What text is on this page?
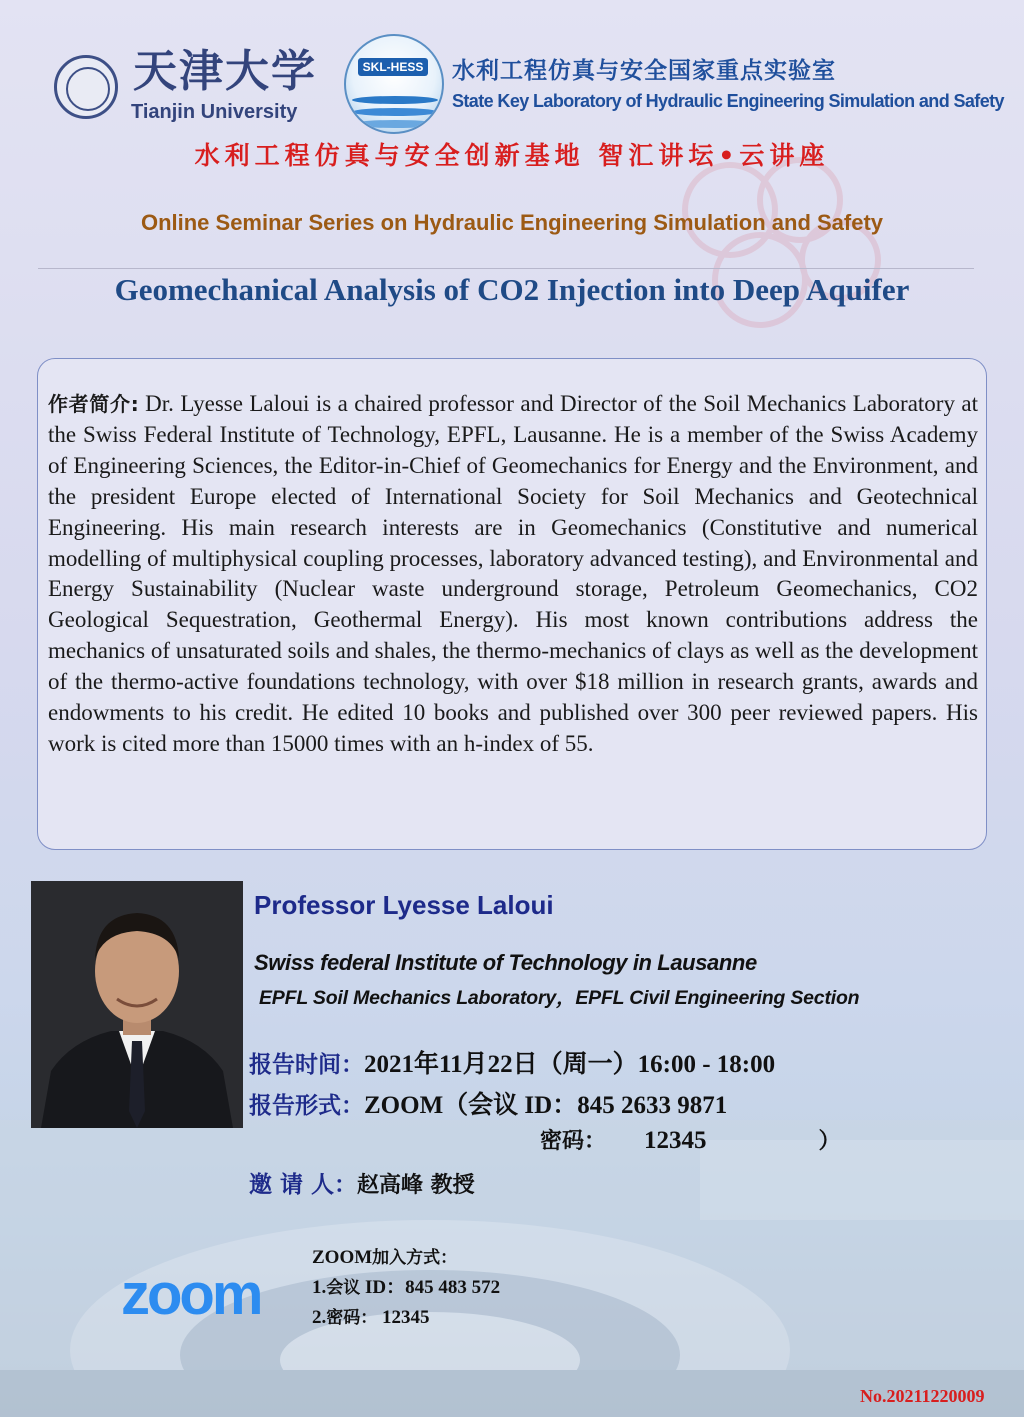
天津大学
Tianjin University
SKL-HESS 水利工程仿真与安全国家重点实验室
State Key Laboratory of Hydraulic Engineering Simulation and Safety
水利工程仿真与安全创新基地 智汇讲坛•云讲座
Online Seminar Series on Hydraulic Engineering Simulation and Safety
Geomechanical Analysis of CO2 Injection into Deep Aquifer

作者简介: Dr. Lyesse Laloui is a chaired professor and Director of the Soil Mechanics Laboratory at the Swiss Federal Institute of Technology, EPFL, Lausanne. He is a member of the Swiss Academy of Engineering Sciences, the Editor-in-Chief of Geomechanics for Energy and the Environment, and the president Europe elected of International Society for Soil Mechanics and Geotechnical Engineering. His main research interests are in Geomechanics (Constitutive and numerical modelling of multiphysical coupling processes, laboratory advanced testing), and Environmental and Energy Sustainability (Nuclear waste underground storage, Petroleum Geomechanics, CO2 Geological Sequestration, Geothermal Energy). His most known contributions address the mechanics of unsaturated soils and shales, the thermo-mechanics of clays as well as the development of the thermo-active foundations technology, with over $18 million in research grants, awards and endowments to his credit. He edited 10 books and published over 300 peer reviewed papers. His work is cited more than 15000 times with an h-index of 55.

Professor Lyesse Laloui
Swiss federal Institute of Technology in Lausanne
EPFL Soil Mechanics Laboratory，EPFL Civil Engineering Section
报告时间：2021年11月22日（周一）16:00 - 18:00
报告形式：ZOOM（会议 ID：845 2633 9871
密码： 12345	）
邀 请 人：赵高峰 教授
zoom
ZOOM加入方式：
1.会议 ID：845 483 572
2.密码： 12345
No.20211220009
